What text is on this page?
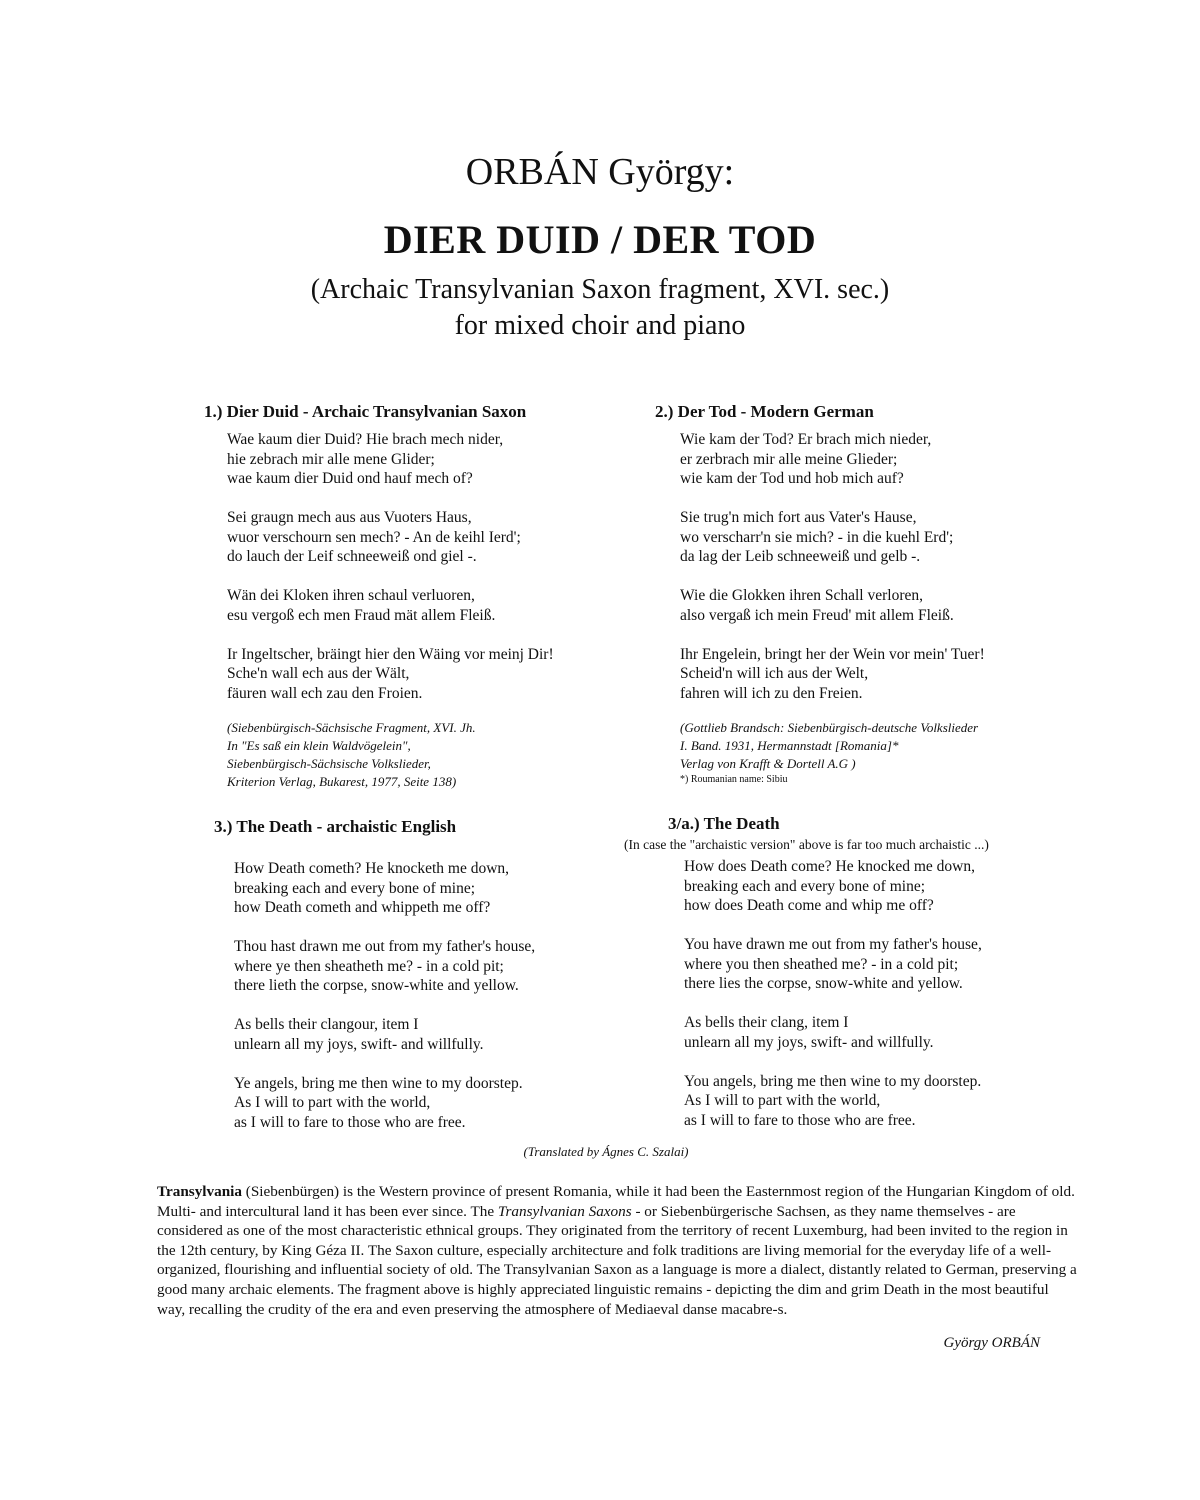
ORBÁN György:

DIER DUID / DER TOD

(Archaic Transylvanian Saxon fragment, XVI. sec.)

for mixed choir and piano

1.) Dier Duid - Archaic Transylvanian Saxon
Wae kaum dier Duid? Hie brach mech nider,
hie zebrach mir alle mene Glider;
wae kaum dier Duid ond hauf mech of?
Sei graugn mech aus aus Vuoters Haus,
wuor verschourn sen mech? - An de keihl Ierd';
do lauch der Leif schneeweiß ond giel -.
Wän dei Kloken ihren schaul verluoren,
esu vergoß ech men Fraud mät allem Fleiß.
Ir Ingeltscher, bräingt hier den Wäing vor meinj Dir!
Sche'n wall ech aus der Wält,
fäuren wall ech zau den Froien.
(Siebenbürgisch-Sächsische Fragment, XVI. Jh.
In "Es saß ein klein Waldvögelein",
Siebenbürgisch-Sächsische Volkslieder,
Kriterion Verlag, Bukarest, 1977, Seite 138)
2.) Der Tod - Modern German
Wie kam der Tod? Er brach mich nieder,
er zerbrach mir alle meine Glieder;
wie kam der Tod und hob mich auf?
Sie trug'n mich fort aus Vater's Hause,
wo verscharr'n sie mich? - in die kuehl Erd';
da lag der Leib schneeweiß und gelb -.
Wie die Glokken ihren Schall verloren,
also vergaß ich mein Freud' mit allem Fleiß.
Ihr Engelein, bringt her der Wein vor mein' Tuer!
Scheid'n will ich aus der Welt,
fahren will ich zu den Freien.
(Gottlieb Brandsch: Siebenbürgisch-deutsche Volkslieder
I. Band. 1931, Hermannstadt [Romania]*
Verlag von Krafft & Dortell A.G )
*) Roumanian name: Sibiu
3.) The Death - archaistic English
How Death cometh? He knocketh me down,
breaking each and every bone of mine;
how Death cometh and whippeth me off?
Thou hast drawn me out from my father's house,
where ye then sheatheth me? - in a cold pit;
there lieth the corpse, snow-white and yellow.
As bells their clangour, item I
unlearn all my joys, swift- and willfully.
Ye angels, bring me then wine to my doorstep.
As I will to part with the world,
as I will to fare to those who are free.
3/a.) The Death

(In case the "archaistic version" above is far too much archaistic ...)

How does Death come? He knocked me down,
breaking each and every bone of mine;
how does Death come and whip me off?
You have drawn me out from my father's house,
where you then sheathed me? - in a cold pit;
there lies the corpse, snow-white and yellow.
As bells their clang, item I
unlearn all my joys, swift- and willfully.
You angels, bring me then wine to my doorstep.
As I will to part with the world,
as I will to fare to those who are free.
(Translated by Ágnes C. Szalai)

Transylvania (Siebenbürgen) is the Western province of present Romania, while it had been the Easternmost region of the Hungarian Kingdom of old. Multi- and intercultural land it has been ever since. The Transylvanian Saxons - or Siebenbürgerische Sachsen, as they name themselves - are considered as one of the most characteristic ethnical groups. They originated from the territory of recent Luxemburg, had been invited to the region in the 12th century, by King Géza II. The Saxon culture, especially architecture and folk traditions are living memorial for the everyday life of a well-organized, flourishing and influential society of old. The Transylvanian Saxon as a language is more a dialect, distantly related to German, preserving a good many archaic elements. The fragment above is highly appreciated linguistic remains - depicting the dim and grim Death in the most beautiful way, recalling the crudity of the era and even preserving the atmosphere of Mediaeval danse macabre-s.

György ORBÁN
